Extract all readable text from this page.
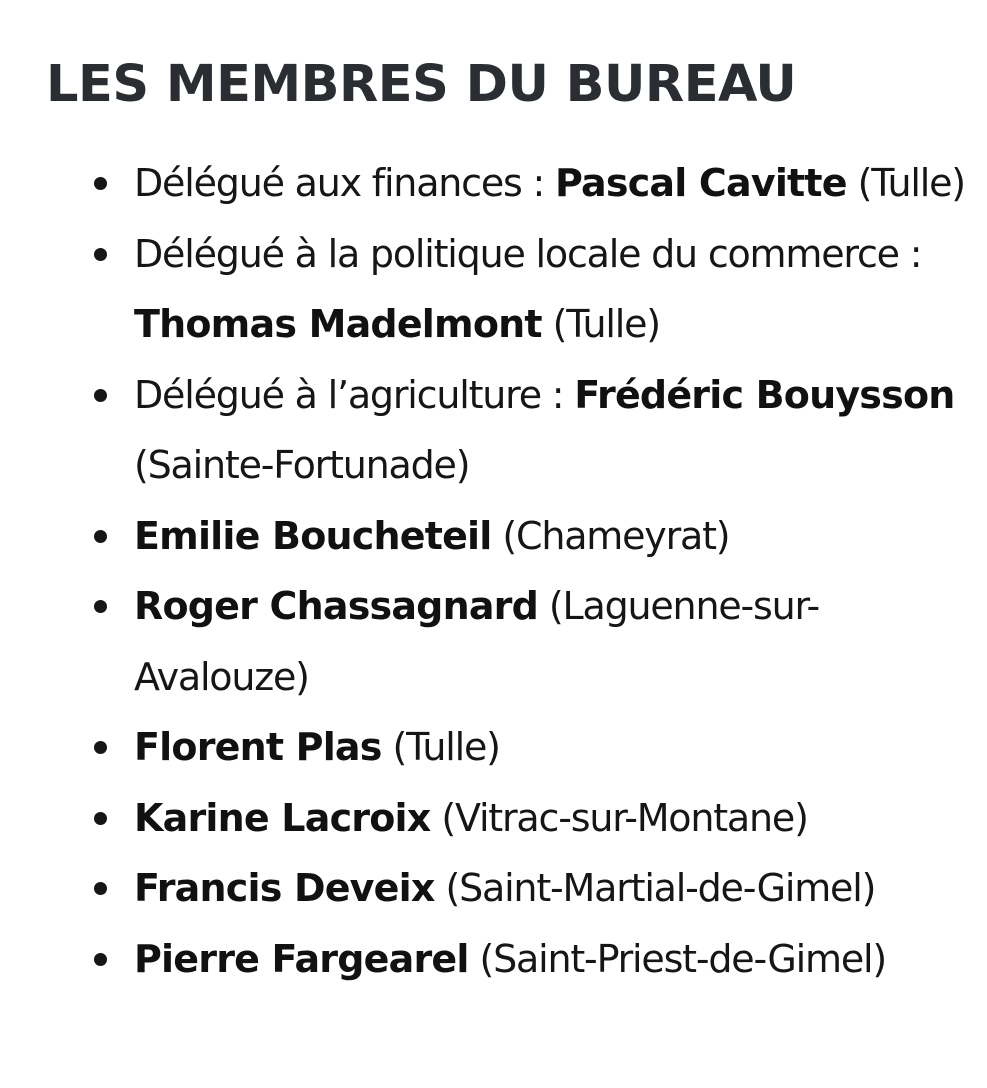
LES MEMBRES DU BUREAU
Délégué aux finances : Pascal Cavitte (Tulle)
Délégué à la politique locale du commerce : Thomas Madelmont (Tulle)
Délégué à l’agriculture : Frédéric Bouysson (Sainte-Fortunade)
Emilie Boucheteil (Chameyrat)
Roger Chassagnard (Laguenne-sur-Avalouze)
Florent Plas (Tulle)
Karine Lacroix (Vitrac-sur-Montane)
Francis Deveix (Saint-Martial-de-Gimel)
Pierre Fargearel (Saint-Priest-de-Gimel)
